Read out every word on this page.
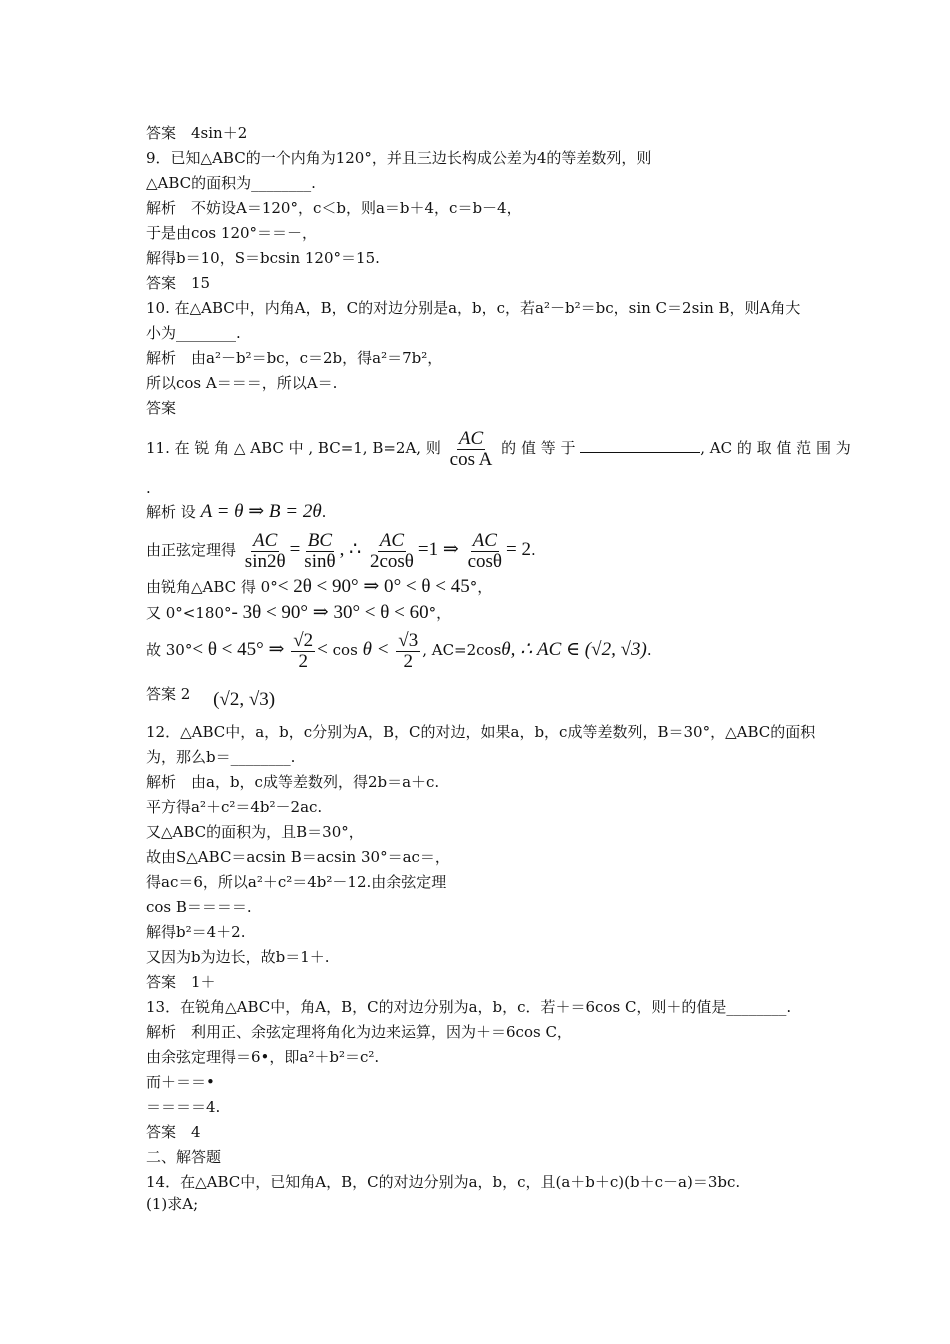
答案　4sin＋2
9．已知△ABC的一个内角为120°，并且三边长构成公差为4的等差数列，则
△ABC的面积为________.
解析　不妨设A＝120°，c＜b，则a＝b＋4，c＝b－4，
于是由cos 120°＝＝－，
解得b＝10，S＝bcsin 120°＝15.
答案　15
10. 在△ABC中，内角A，B，C的对边分别是a，b，c，若a²－b²＝bc，sin C＝2sin B，则A角大
小为________.
解析　由a²－b²＝bc，c＝2b，得a²＝7b²，
所以cos A＝＝＝，所以A＝.
答案
11. 在 锐 角 △ ABC 中 , BC=1, B=2A, 则 $\frac{AC}{\text{cos A}}$ 的 值 等 于	, AC 的 取 值 范 围 为
.
解析 设 A = θ ⇒ B = 2θ.
由正弦定理得 $\frac{AC}{\sin 2\theta} = \frac{BC}{\sin\theta}$ , ∴ $\frac{AC}{2\cos\theta} =1$ ⇒ $\frac{AC}{\cos\theta} = 2$.
由锐角△ABC 得 0°< 2θ < 90° ⇒ 0° < θ < 45°，
又 0°<180°- 3θ < 90° ⇒ 30° < θ < 60°，
故 30°< θ < 45° ⇒ $\frac{√2}{2} < \cos \theta < \frac{√3}{2}$ , AC=2cosθ, ∴ AC ∈ (√2, √3).
答案 2 (√2, √3)
12．△ABC中，a，b，c分别为A，B，C的对边，如果a，b，c成等差数列，B＝30°，△ABC的面积
为，那么b＝________.
解析　由a，b，c成等差数列，得2b＝a＋c.
平方得a²＋c²＝4b²－2ac.
又△ABC的面积为，且B＝30°，
故由S△ABC＝acsin B＝acsin 30°＝ac＝，
得ac＝6，所以a²＋c²＝4b²－12.由余弦定理
cos B＝＝＝＝.
解得b²＝4＋2.
又因为b为边长，故b＝1＋.
答案　1＋
13．在锐角△ABC中，角A，B，C的对边分别为a，b，c．若＋＝6cos C，则＋的值是________.
解析　利用正、余弦定理将角化为边来运算，因为＋＝6cos C，
由余弦定理得＝6•，即a²＋b²＝c².
而＋＝＝•
＝＝＝＝4.
答案　4
二、解答题
14．在△ABC中，已知角A，B，C的对边分别为a，b，c，且(a＋b＋c)(b＋c－a)＝3bc.
(1)求A;
